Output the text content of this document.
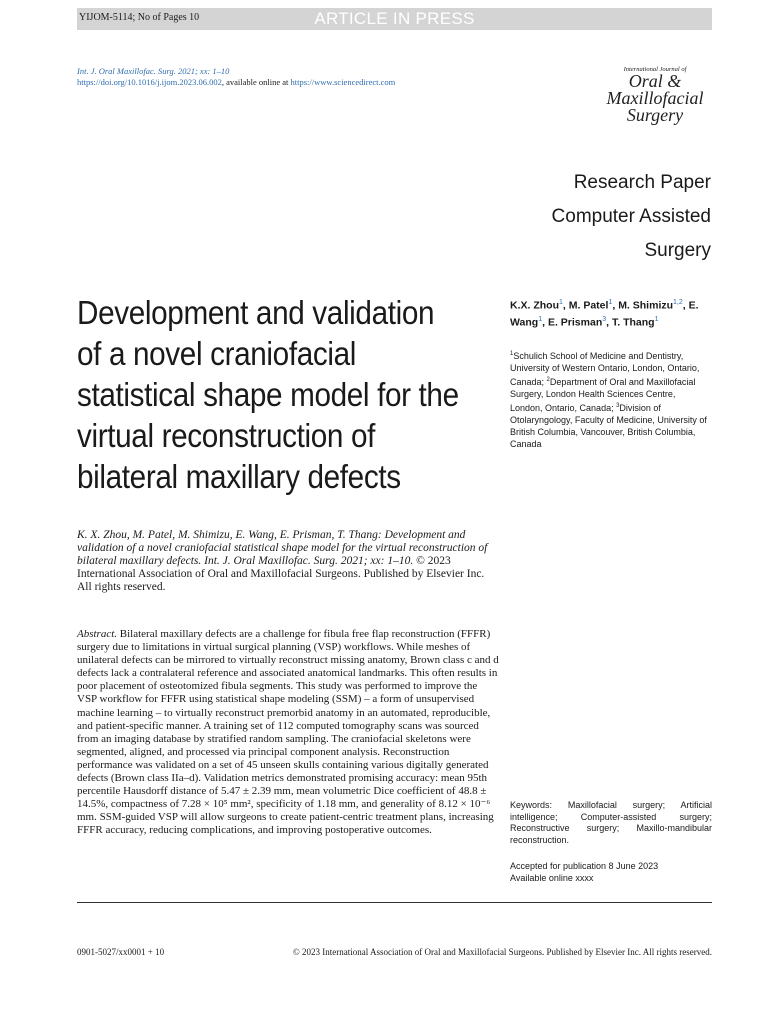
YIJOM-5114; No of Pages 10	ARTICLE IN PRESS
Int. J. Oral Maxillofac. Surg. 2021; xx: 1–10
https://doi.org/10.1016/j.ijom.2023.06.002, available online at https://www.sciencedirect.com
International Journal of
Oral &
Maxillofacial
Surgery
Research Paper
Computer Assisted
Surgery
Development and validation of a novel craniofacial statistical shape model for the virtual reconstruction of bilateral maxillary defects
K.X. Zhou$^1$, M. Patel$^1$, M. Shimizu$^{1,2}$, E. Wang$^1$, E. Prisman$^3$, T. Thang$^1$
$^1$Schulich School of Medicine and Dentistry, University of Western Ontario, London, Ontario, Canada; $^2$Department of Oral and Maxillofacial Surgery, London Health Sciences Centre, London, Ontario, Canada; $^3$Division of Otolaryngology, Faculty of Medicine, University of British Columbia, Vancouver, British Columbia, Canada
K. X. Zhou, M. Patel, M. Shimizu, E. Wang, E. Prisman, T. Thang: Development and validation of a novel craniofacial statistical shape model for the virtual reconstruction of bilateral maxillary defects. Int. J. Oral Maxillofac. Surg. 2021; xx: 1–10. © 2023 International Association of Oral and Maxillofacial Surgeons. Published by Elsevier Inc. All rights reserved.
Abstract. Bilateral maxillary defects are a challenge for fibula free flap reconstruction (FFFR) surgery due to limitations in virtual surgical planning (VSP) workflows. While meshes of unilateral defects can be mirrored to virtually reconstruct missing anatomy, Brown class c and d defects lack a contralateral reference and associated anatomical landmarks. This often results in poor placement of osteotomized fibula segments. This study was performed to improve the VSP workflow for FFFR using statistical shape modeling (SSM) – a form of unsupervised machine learning – to virtually reconstruct premorbid anatomy in an automated, reproducible, and patient-specific manner. A training set of 112 computed tomography scans was sourced from an imaging database by stratified random sampling. The craniofacial skeletons were segmented, aligned, and processed via principal component analysis. Reconstruction performance was validated on a set of 45 unseen skulls containing various digitally generated defects (Brown class IIa–d). Validation metrics demonstrated promising accuracy: mean 95th percentile Hausdorff distance of 5.47 ± 2.39 mm, mean volumetric Dice coefficient of 48.8 ± 14.5%, compactness of 7.28 × 10⁵ mm², specificity of 1.18 mm, and generality of 8.12 × 10⁻⁶ mm. SSM-guided VSP will allow surgeons to create patient-centric treatment plans, increasing FFFR accuracy, reducing complications, and improving postoperative outcomes.
Keywords: Maxillofacial surgery; Artificial intelligence; Computer-assisted surgery; Reconstructive surgery; Maxillo-mandibular reconstruction.
Accepted for publication 8 June 2023
Available online xxxx
0901-5027/xx0001 + 10	© 2023 International Association of Oral and Maxillofacial Surgeons. Published by Elsevier Inc. All rights reserved.
